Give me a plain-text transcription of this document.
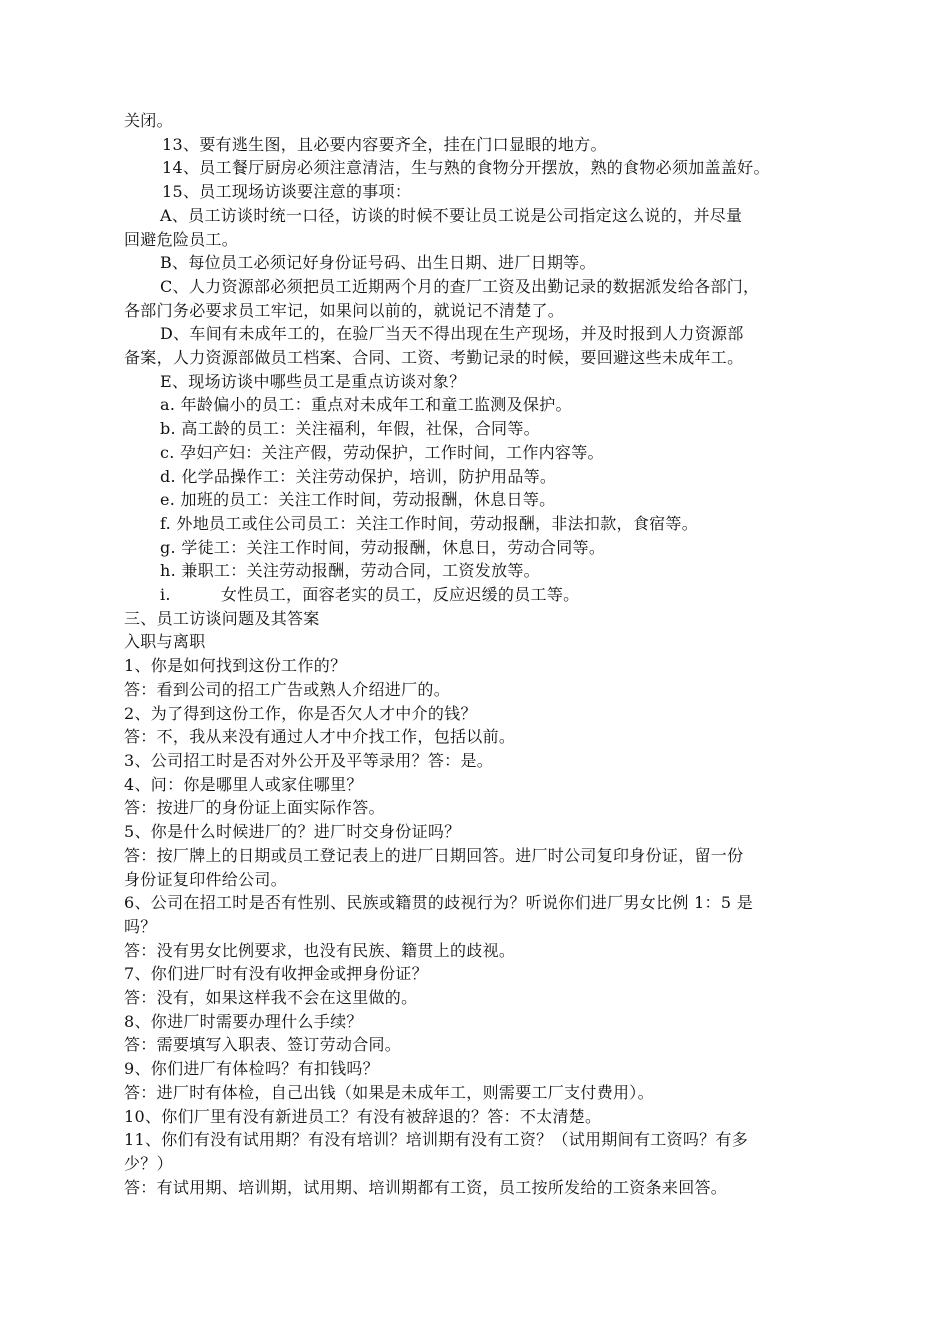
关闭。
13、要有逃生图，且必要内容要齐全，挂在门口显眼的地方。
14、员工餐厅厨房必须注意清洁，生与熟的食物分开摆放，熟的食物必须加盖盖好。
15、员工现场访谈要注意的事项：
A、员工访谈时统一口径，访谈的时候不要让员工说是公司指定这么说的，并尽量
回避危险员工。
B、每位员工必须记好身份证号码、出生日期、进厂日期等。
C、人力资源部必须把员工近期两个月的查厂工资及出勤记录的数据派发给各部门，
各部门务必要求员工牢记，如果问以前的，就说记不清楚了。
D、车间有未成年工的，在验厂当天不得出现在生产现场，并及时报到人力资源部
备案，人力资源部做员工档案、合同、工资、考勤记录的时候，要回避这些未成年工。
E、现场访谈中哪些员工是重点访谈对象？
a. 年龄偏小的员工：重点对未成年工和童工监测及保护。
b. 高工龄的员工：关注福利，年假，社保，合同等。
c. 孕妇产妇：关注产假，劳动保护，工作时间，工作内容等。
d. 化学品操作工：关注劳动保护，培训，防护用品等。
e. 加班的员工：关注工作时间，劳动报酬，休息日等。
f. 外地员工或住公司员工：关注工作时间，劳动报酬，非法扣款，食宿等。
g. 学徒工：关注工作时间，劳动报酬，休息日，劳动合同等。
h. 兼职工：关注劳动报酬，劳动合同，工资发放等。
i.	女性员工，面容老实的员工，反应迟缓的员工等。
三、员工访谈问题及其答案
入职与离职
1、你是如何找到这份工作的？
答：看到公司的招工广告或熟人介绍进厂的。
2、为了得到这份工作，你是否欠人才中介的钱？
答：不，我从来没有通过人才中介找工作，包括以前。
3、公司招工时是否对外公开及平等录用？答：是。
4、问：你是哪里人或家住哪里？
答：按进厂的身份证上面实际作答。
5、你是什么时候进厂的？进厂时交身份证吗？
答：按厂牌上的日期或员工登记表上的进厂日期回答。进厂时公司复印身份证，留一份
身份证复印件给公司。
6、公司在招工时是否有性别、民族或籍贯的歧视行为？听说你们进厂男女比例 1：5 是
吗？
答：没有男女比例要求，也没有民族、籍贯上的歧视。
7、你们进厂时有没有收押金或押身份证？
答：没有，如果这样我不会在这里做的。
8、你进厂时需要办理什么手续？
答：需要填写入职表、签订劳动合同。
9、你们进厂有体检吗？有扣钱吗？
答：进厂时有体检，自己出钱（如果是未成年工，则需要工厂支付费用）。
10、你们厂里有没有新进员工？有没有被辞退的？答：不太清楚。
11、你们有没有试用期？有没有培训？培训期有没有工资？（试用期间有工资吗？有多
少？）
答：有试用期、培训期，试用期、培训期都有工资，员工按所发给的工资条来回答。
